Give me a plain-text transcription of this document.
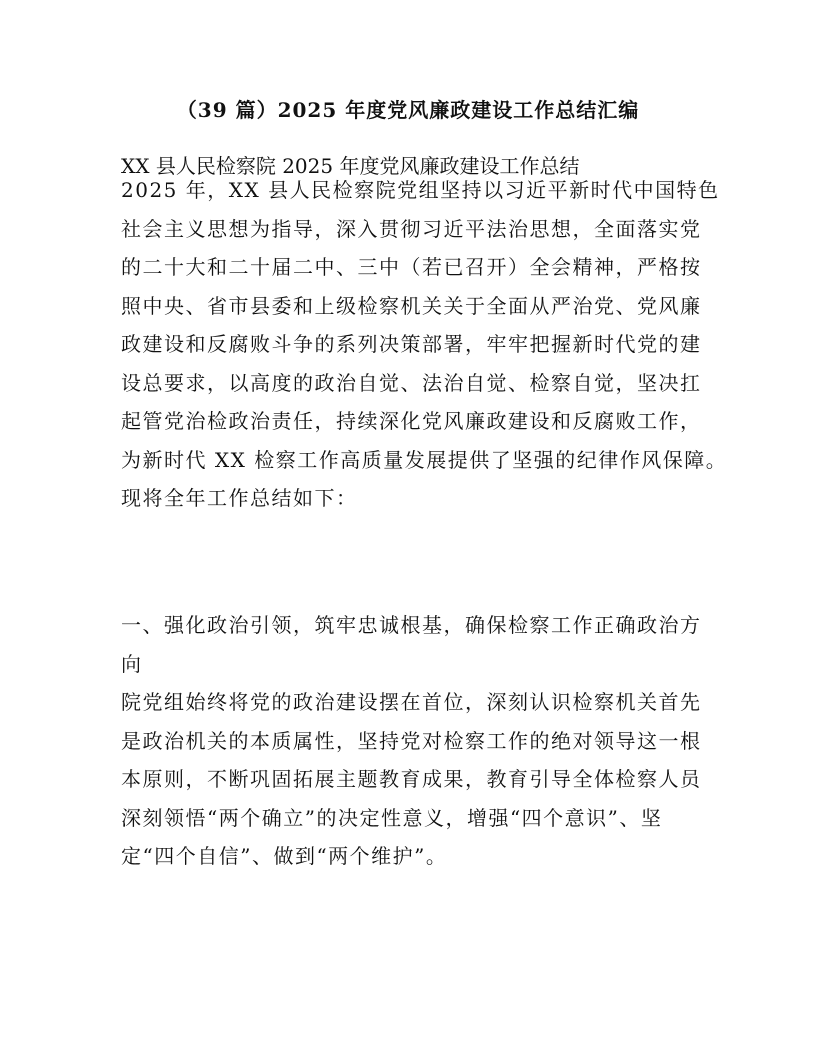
（39 篇）2025 年度党风廉政建设工作总结汇编
XX 县人民检察院 2025 年度党风廉政建设工作总结
2025 年，XX 县人民检察院党组坚持以习近平新时代中国特色
社会主义思想为指导，深入贯彻习近平法治思想，全面落实党
的二十大和二十届二中、三中（若已召开）全会精神，严格按
照中央、省市县委和上级检察机关关于全面从严治党、党风廉
政建设和反腐败斗争的系列决策部署，牢牢把握新时代党的建
设总要求，以高度的政治自觉、法治自觉、检察自觉，坚决扛
起管党治检政治责任，持续深化党风廉政建设和反腐败工作，
为新时代 XX 检察工作高质量发展提供了坚强的纪律作风保障。
现将全年工作总结如下：
一、强化政治引领，筑牢忠诚根基，确保检察工作正确政治方
向
院党组始终将党的政治建设摆在首位，深刻认识检察机关首先
是政治机关的本质属性，坚持党对检察工作的绝对领导这一根
本原则，不断巩固拓展主题教育成果，教育引导全体检察人员
深刻领悟“两个确立”的决定性意义，增强“四个意识”、坚
定“四个自信”、做到“两个维护”。
